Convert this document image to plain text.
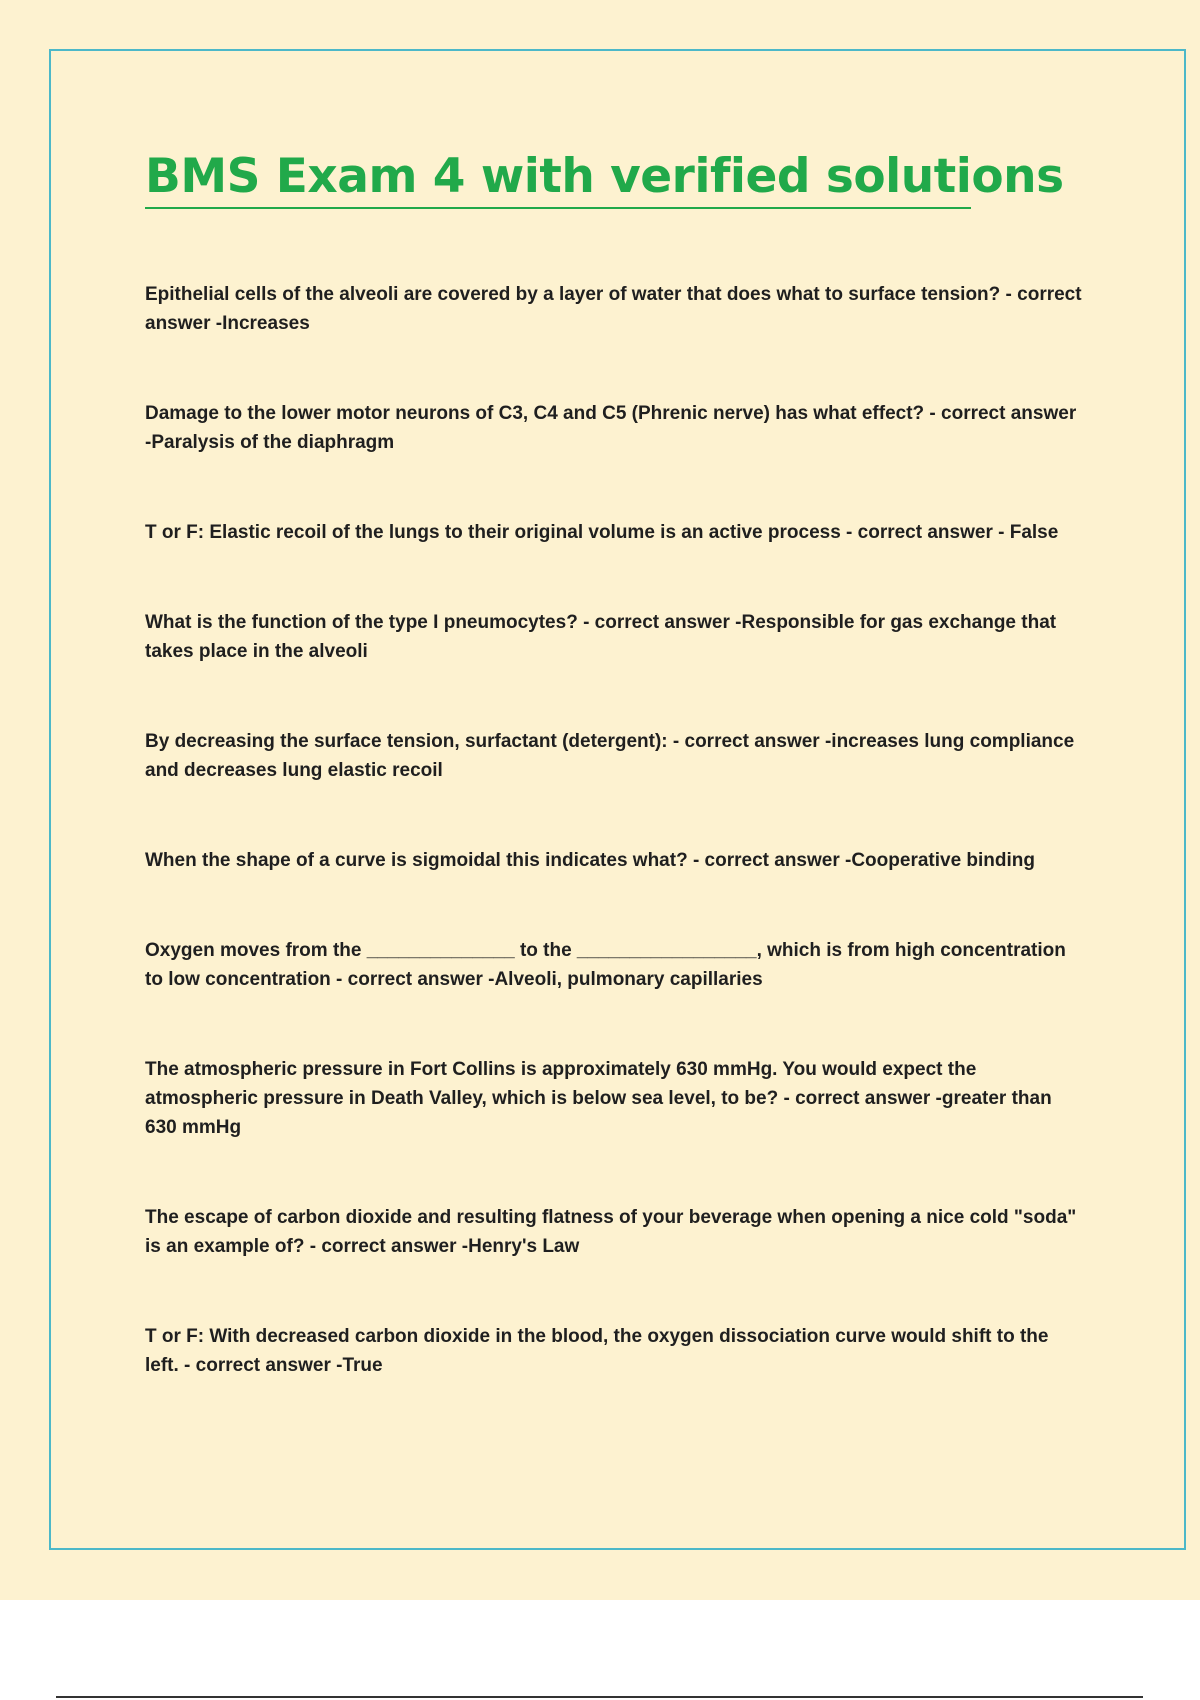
BMS Exam 4 with verified solutions
Epithelial cells of the alveoli are covered by a layer of water that does what to surface tension? - correct answer -Increases
Damage to the lower motor neurons of C3, C4 and C5 (Phrenic nerve) has what effect? - correct answer -Paralysis of the diaphragm
T or F: Elastic recoil of the lungs to their original volume is an active process - correct answer - False
What is the function of the type I pneumocytes? - correct answer -Responsible for gas exchange that takes place in the alveoli
By decreasing the surface tension, surfactant (detergent): - correct answer -increases lung compliance and decreases lung elastic recoil
When the shape of a curve is sigmoidal this indicates what? - correct answer -Cooperative binding
Oxygen moves from the ______________ to the _________________, which is from high concentration to low concentration - correct answer -Alveoli, pulmonary capillaries
The atmospheric pressure in Fort Collins is approximately 630 mmHg. You would expect the atmospheric pressure in Death Valley, which is below sea level, to be? - correct answer -greater than 630 mmHg
The escape of carbon dioxide and resulting flatness of your beverage when opening a nice cold "soda" is an example of? - correct answer -Henry's Law
T or F: With decreased carbon dioxide in the blood, the oxygen dissociation curve would shift to the left. - correct answer -True
